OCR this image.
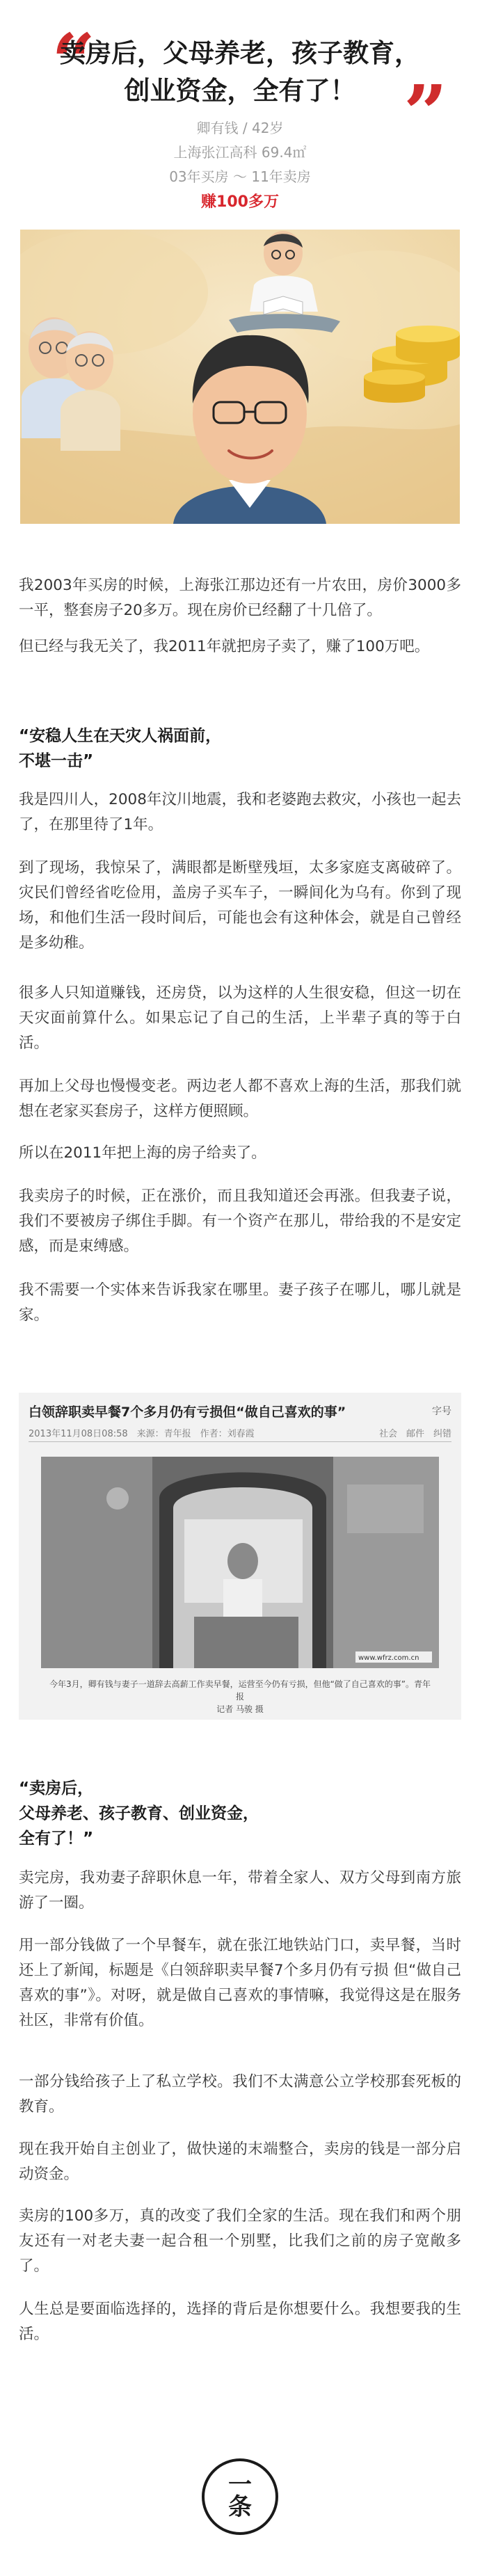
“
”
卖房后，父母养老，孩子教育，
创业资金，全有了！
卿有钱 / 42岁
上海张江高科 69.4㎡
03年买房 ～ 11年卖房
赚100多万

我2003年买房的时候，上海张江那边还有一片农田，房价3000多一平，整套房子20多万。现在房价已经翻了十几倍了。

但已经与我无关了，我2011年就把房子卖了，赚了100万吧。

“安稳人生在天灾人祸面前，
不堪一击”

我是四川人，2008年汶川地震，我和老婆跑去救灾，小孩也一起去了，在那里待了1年。

到了现场，我惊呆了，满眼都是断壁残垣，太多家庭支离破碎了。灾民们曾经省吃俭用，盖房子买车子，一瞬间化为乌有。你到了现场，和他们生活一段时间后，可能也会有这种体会，就是自己曾经是多幼稚。

很多人只知道赚钱，还房贷，以为这样的人生很安稳，但这一切在天灾面前算什么。如果忘记了自己的生活，上半辈子真的等于白活。

再加上父母也慢慢变老。两边老人都不喜欢上海的生活，那我们就想在老家买套房子，这样方便照顾。

所以在2011年把上海的房子给卖了。

我卖房子的时候，正在涨价，而且我知道还会再涨。但我妻子说，我们不要被房子绑住手脚。有一个资产在那儿，带给我的不是安定感，而是束缚感。

我不需要一个实体来告诉我家在哪里。妻子孩子在哪儿，哪儿就是家。

白领辞职卖早餐7个多月仍有亏损但“做自己喜欢的事”	字号
2013年11月08日08:58　来源：青年报　作者：刘春霞	社会　邮件　纠错
www.wfrz.com.cn
今年3月，卿有钱与妻子一道辞去高薪工作卖早餐，运营至今仍有亏损，但他“做了自己喜欢的事”。青年报
记者 马骏 摄
“卖房后，
父母养老、孩子教育、创业资金，
全有了！”

卖完房，我劝妻子辞职休息一年，带着全家人、双方父母到南方旅游了一圈。

用一部分钱做了一个早餐车，就在张江地铁站门口，卖早餐，当时还上了新闻，标题是《白领辞职卖早餐7个多月仍有亏损 但“做自己喜欢的事”》。对呀，就是做自己喜欢的事情嘛，我觉得这是在服务社区，非常有价值。

一部分钱给孩子上了私立学校。我们不太满意公立学校那套死板的教育。

现在我开始自主创业了，做快递的末端整合，卖房的钱是一部分启动资金。

卖房的100多万，真的改变了我们全家的生活。现在我们和两个朋友还有一对老夫妻一起合租一个别墅，比我们之前的房子宽敞多了。

人生总是要面临选择的，选择的背后是你想要什么。我想要我的生活。

一
条
